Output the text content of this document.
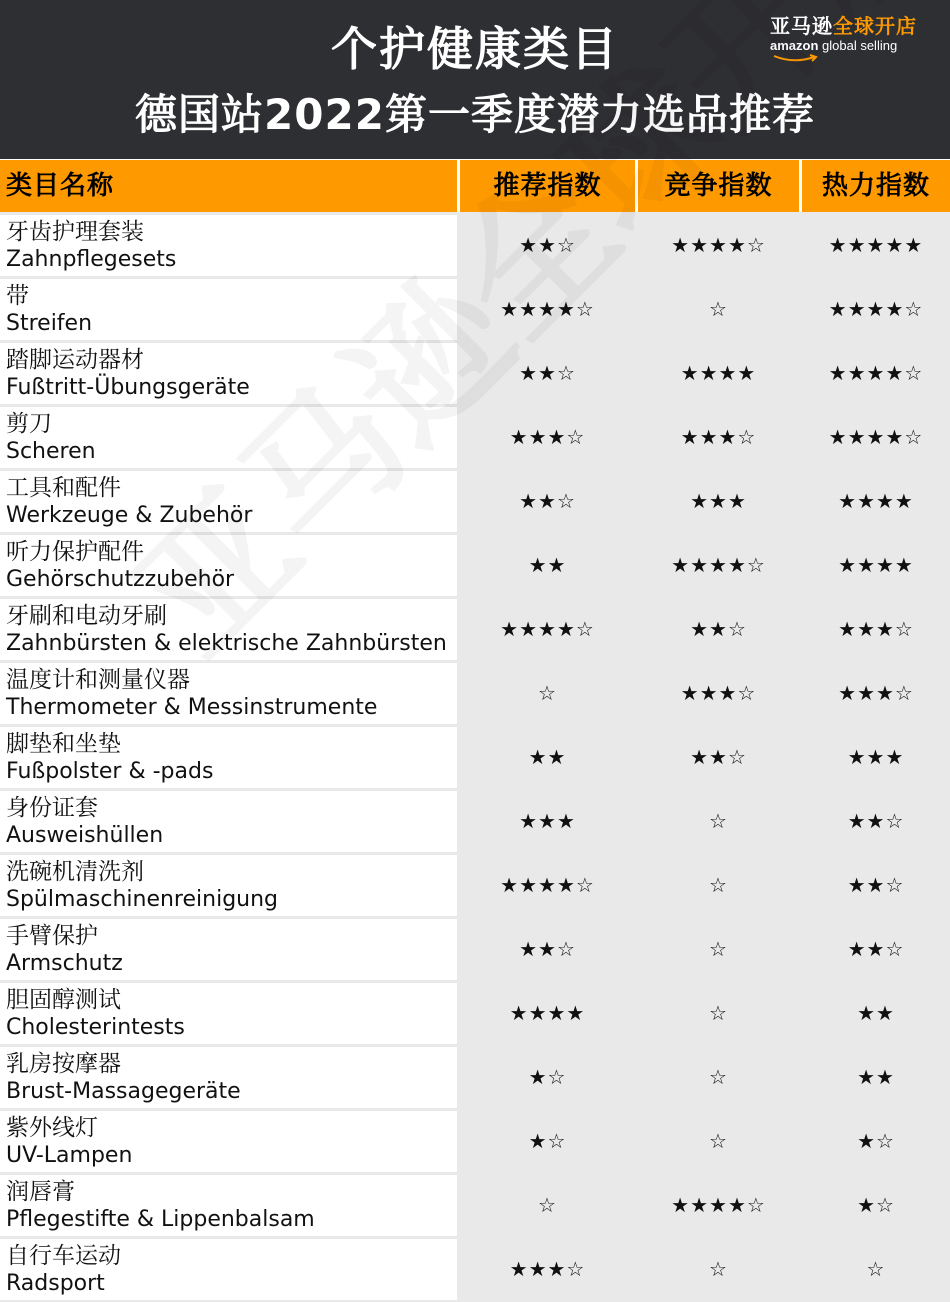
个护健康类目
德国站2022第一季度潜力选品推荐
亚马逊全球开店
amazon global selling
类目名称	推荐指数	竞争指数	热力指数
牙齿护理套装
Zahnpflegesets
★★☆	★★★★☆	★★★★★
带
Streifen
★★★★☆	☆	★★★★☆
踏脚运动器材
Fußtritt-Übungsgeräte
★★☆	★★★★	★★★★☆
剪刀
Scheren
★★★☆	★★★☆	★★★★☆
工具和配件
Werkzeuge & Zubehör
★★☆	★★★	★★★★
听力保护配件
Gehörschutzzubehör
★★	★★★★☆	★★★★
牙刷和电动牙刷
Zahnbürsten & elektrische Zahnbürsten
★★★★☆	★★☆	★★★☆
温度计和测量仪器
Thermometer & Messinstrumente
☆	★★★☆	★★★☆
脚垫和坐垫
Fußpolster & -pads
★★	★★☆	★★★
身份证套
Ausweishüllen
★★★	☆	★★☆
洗碗机清洗剂
Spülmaschinenreinigung
★★★★☆	☆	★★☆
手臂保护
Armschutz
★★☆	☆	★★☆
胆固醇测试
Cholesterintests
★★★★	☆	★★
乳房按摩器
Brust-Massagegeräte
★☆	☆	★★
紫外线灯
UV-Lampen
★☆	☆	★☆
润唇膏
Pflegestifte & Lippenbalsam
☆	★★★★☆	★☆
自行车运动
Radsport
★★★☆	☆	☆
